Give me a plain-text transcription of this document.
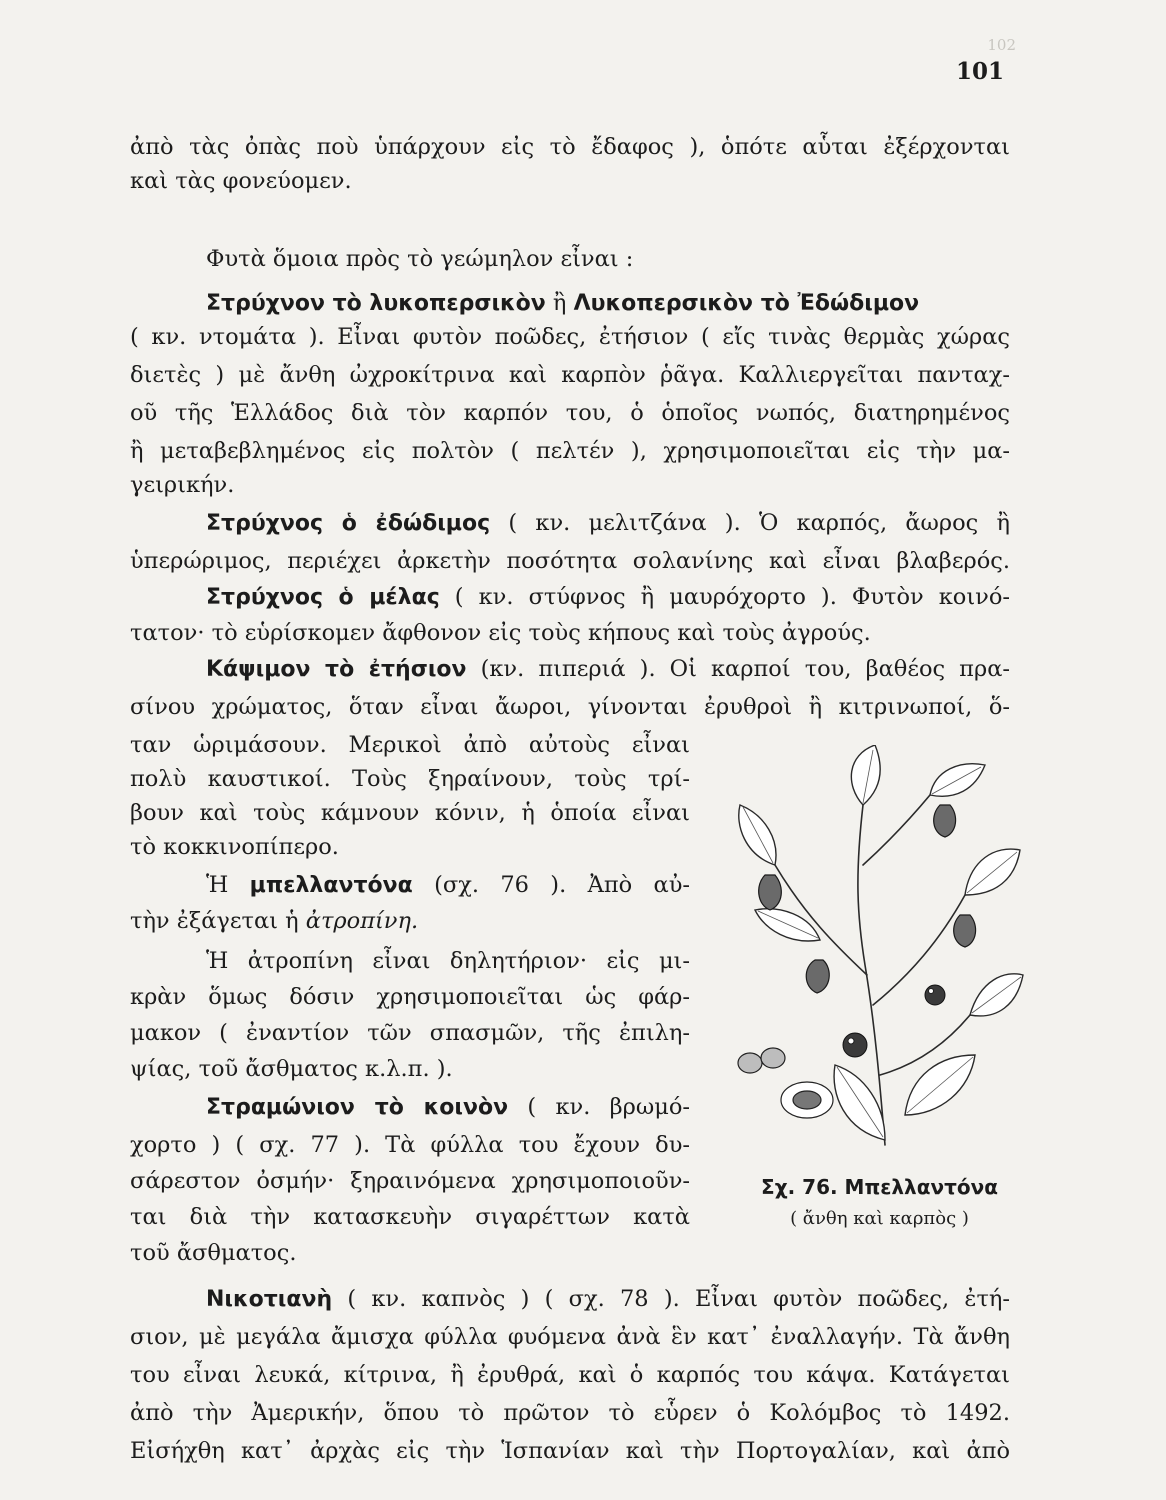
102
101
ἀπὸ τὰς ὀπὰς ποὺ ὑπάρχουν εἰς τὸ ἔδαφος ), ὁπότε αὗται ἐξέρχονται
καὶ τὰς φονεύομεν.
Φυτὰ ὅμοια πρὸς τὸ γεώμηλον εἶναι :
Στρύχνον τὸ λυκοπερσικὸν ἢ Λυκοπερσικὸν τὸ Ἐδώδιμον
( κν. ντομάτα ). Εἶναι φυτὸν ποῶδες, ἐτήσιον ( εἴς τινὰς θερμὰς χώρας
διετὲς ) μὲ ἄνθη ὠχροκίτρινα καὶ καρπὸν ῥᾶγα. Καλλιεργεῖται πανταχ-
οῦ τῆς Ἑλλάδος διὰ τὸν καρπόν του, ὁ ὁποῖος νωπός, διατηρημένος
ἢ μεταβεβλημένος εἰς πολτὸν ( πελτέν ), χρησιμοποιεῖται εἰς τὴν μα-
γειρικήν.
Στρύχνος ὁ ἐδώδιμος ( κν. μελιτζάνα ). Ὁ καρπός, ἄωρος ἢ
ὑπερώριμος, περιέχει ἀρκετὴν ποσότητα σολανίνης καὶ εἶναι βλαβερός.
Στρύχνος ὁ μέλας ( κν. στύφνος ἢ μαυρόχορτο ). Φυτὸν κοινό-
τατον· τὸ εὑρίσκομεν ἄφθονον εἰς τοὺς κήπους καὶ τοὺς ἀγρούς.
Κάψιμον τὸ ἐτήσιον (κν. πιπεριά ). Οἱ καρποί του, βαθέος πρα-
σίνου χρώματος, ὅταν εἶναι ἄωροι, γίνονται ἐρυθροὶ ἢ κιτρινωποί, ὅ-
ταν ὡριμάσουν. Μερικοὶ ἀπὸ αὐτοὺς εἶναι
πολὺ καυστικοί. Τοὺς ξηραίνουν, τοὺς τρί-
βουν καὶ τοὺς κάμνουν κόνιν, ἡ ὁποία εἶναι
τὸ κοκκινοπίπερο.
Ἡ μπελλαντόνα (σχ. 76 ). Ἀπὸ αὐ-
τὴν ἐξάγεται ἡ ἀτροπίνη.
Ἡ ἀτροπίνη εἶναι δηλητήριον· εἰς μι-
κρὰν ὅμως δόσιν χρησιμοποιεῖται ὡς φάρ-
μακον ( ἐναντίον τῶν σπασμῶν, τῆς ἐπιλη-
ψίας, τοῦ ἄσθματος κ.λ.π. ).
Στραμώνιον τὸ κοινὸν ( κν. βρωμό-
χορτο ) ( σχ. 77 ). Τὰ φύλλα του ἔχουν δυ-
σάρεστον ὀσμήν· ξηραινόμενα χρησιμοποιοῦν-
ται διὰ τὴν κατασκευὴν σιγαρέττων κατὰ
τοῦ ἄσθματος.
Νικοτιανὴ ( κν. καπνὸς ) ( σχ. 78 ). Εἶναι φυτὸν ποῶδες, ἐτή-
σιον, μὲ μεγάλα ἄμισχα φύλλα φυόμενα ἀνὰ ἓν κατ᾽ ἐναλλαγήν. Τὰ ἄνθη
του εἶναι λευκά, κίτρινα, ἢ ἐρυθρά, καὶ ὁ καρπός του κάψα. Κατάγεται
ἀπὸ τὴν Ἀμερικήν, ὅπου τὸ πρῶτον τὸ εὗρεν ὁ Κολόμβος τὸ 1492.
Εἰσήχθη κατ᾽ ἀρχὰς εἰς τὴν Ἱσπανίαν καὶ τὴν Πορτογαλίαν, καὶ ἀπὸ
Σχ. 76. Μπελλαντόνα
( ἄνθη καὶ καρπὸς )
